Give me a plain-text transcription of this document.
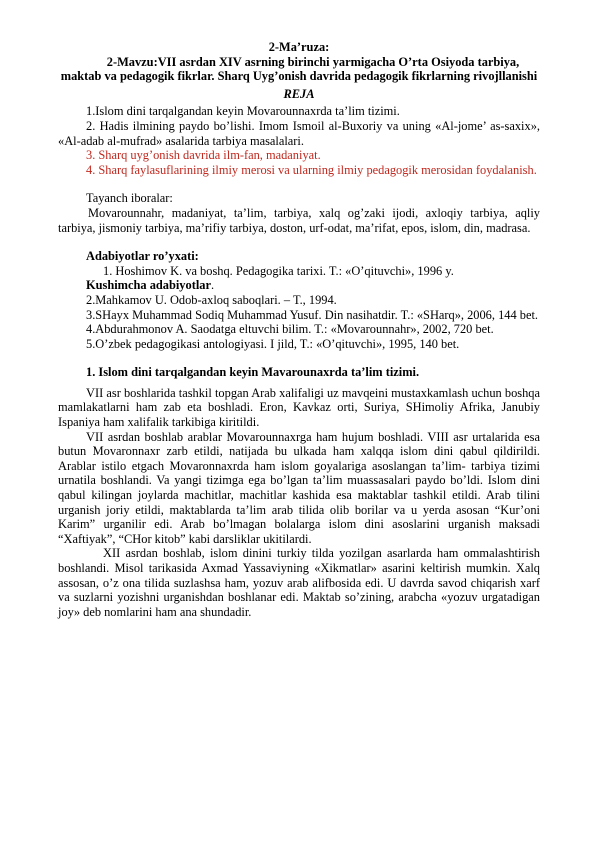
2-Ma’ruza:

2-Mavzu:VII asrdan XIV asrning birinchi yarmigacha O’rta Osiyoda tarbiya, maktab va pedagogik fikrlar. Sharq Uyg’onish davrida pedagogik fikrlarning rivojllanishi

REJA

1.Islom dini tarqalgandan keyin Movarounnaxrda ta’lim tizimi.

2. Hadis ilmining paydo bo’lishi. Imom Ismoil al-Buxoriy va uning «Al-jome’ as-saxix», «Al-adab al-mufrad» asalarida tarbiya masalalari.

3. Sharq uyg’onish davrida ilm-fan, madaniyat.

4. Sharq faylasuflarining ilmiy merosi va ularning ilmiy pedagogik merosidan foydalanish.

Tayanch iboralar:

Movarounnahr, madaniyat, ta’lim, tarbiya, xalq og’zaki ijodi, axloqiy tarbiya, aqliy tarbiya, jismoniy tarbiya, ma’rifiy tarbiya, doston, urf-odat, ma’rifat, epos, islom, din, madrasa.

Adabiyotlar ro’yxati:

1. Hoshimov K. va boshq. Pedagogika tarixi. T.: «O’qituvchi», 1996 y.

Kushimcha adabiyotlar.

2.Mahkamov U. Odob-axloq saboqlari. – T., 1994.

3.SHayx Muhammad Sodiq Muhammad Yusuf. Din nasihatdir. T.: «SHarq», 2006, 144 bet.

4.Abdurahmonov A. Saodatga eltuvchi bilim. T.: «Movarounnahr», 2002, 720 bet.

5.O’zbek pedagogikasi antologiyasi. I jild, T.: «O’qituvchi», 1995, 140 bet.

1. Islom dini tarqalgandan keyin Mavarounaxrda ta’lim tizimi.

VII asr boshlarida tashkil topgan Arab xalifaligi uz mavqeini mustaxkamlash uchun boshqa mamlakatlarni ham zab eta boshladi. Eron, Kavkaz orti, Suriya, SHimoliy Afrika, Janubiy Ispaniya ham xalifalik tarkibiga kiritildi.

VII asrdan boshlab arablar Movarounnaxrga ham hujum boshladi. VIII asr urtalarida esa butun Movaronnaxr zarb etildi, natijada bu ulkada ham xalqqa islom dini qabul qildirildi. Arablar istilo etgach Movaronnaxrda ham islom goyalariga asoslangan ta’lim- tarbiya tizimi urnatila boshlandi. Va yangi tizimga ega bo’lgan ta’lim muassasalari paydo bo’ldi. Islom dini qabul kilingan joylarda machitlar, machitlar kashida esa maktablar tashkil etildi. Arab tilini urganish joriy etildi, maktablarda ta’lim arab tilida olib borilar va u yerda asosan “Kur’oni Karim” urganilir edi. Arab bo’lmagan bolalarga islom dini asoslarini urganish maksadi “Xaftiyak”, “CHor kitob” kabi darsliklar ukitilardi.

XII asrdan boshlab, islom dinini turkiy tilda yozilgan asarlarda ham ommalashtirish boshlandi. Misol tarikasida Axmad Yassaviyning «Xikmatlar» asarini keltirish mumkin. Xalq assosan, o’z ona tilida suzlashsa ham, yozuv arab alifbosida edi. U davrda savod chiqarish xarf va suzlarni yozishni urganishdan boshlanar edi. Maktab so’zining, arabcha «yozuv urgatadigan joy» deb nomlarini ham ana shundadir.
